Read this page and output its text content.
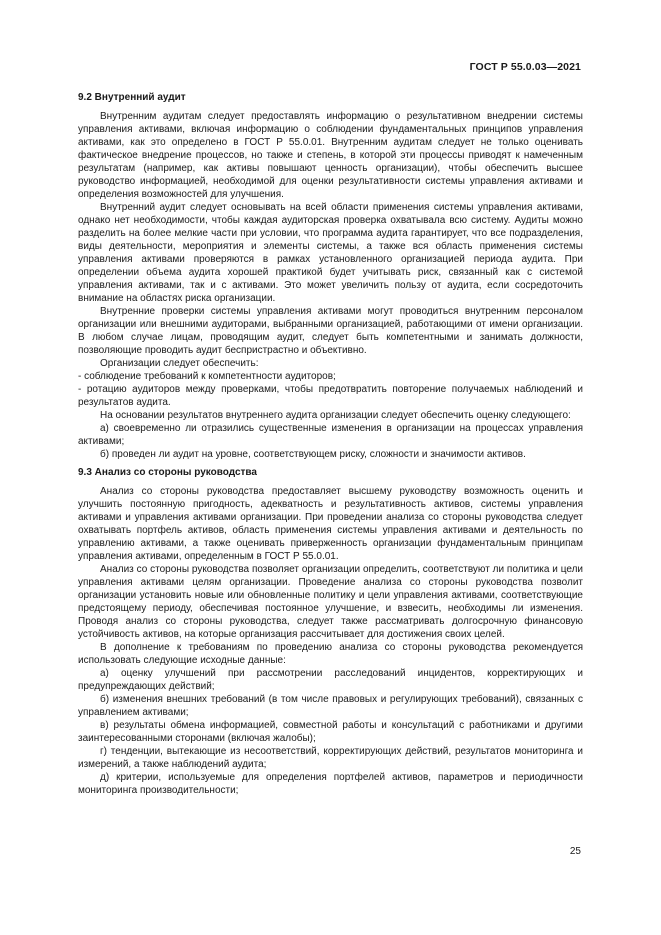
ГОСТ Р 55.0.03—2021

9.2 Внутренний аудит

Внутренним аудитам следует предоставлять информацию о результативном внедрении системы управления активами, включая информацию о соблюдении фундаментальных принципов управления активами, как это определено в ГОСТ Р 55.0.01. Внутренним аудитам следует не только оценивать фактическое внедрение процессов, но также и степень, в которой эти процессы приводят к намеченным результатам (например, как активы повышают ценность организации), чтобы обеспечить высшее руководство информацией, необходимой для оценки результативности системы управления активами и определения возможностей для улучшения.

Внутренний аудит следует основывать на всей области применения системы управления активами, однако нет необходимости, чтобы каждая аудиторская проверка охватывала всю систему. Аудиты можно разделить на более мелкие части при условии, что программа аудита гарантирует, что все подразделения, виды деятельности, мероприятия и элементы системы, а также вся область применения системы управления активами проверяются в рамках установленного организацией периода аудита. При определении объема аудита хорошей практикой будет учитывать риск, связанный как с системой управления активами, так и с активами. Это может увеличить пользу от аудита, если сосредоточить внимание на областях риска организации.

Внутренние проверки системы управления активами могут проводиться внутренним персоналом организации или внешними аудиторами, выбранными организацией, работающими от имени организации. В любом случае лицам, проводящим аудит, следует быть компетентными и занимать должности, позволяющие проводить аудит беспристрастно и объективно.

Организации следует обеспечить:

- соблюдение требований к компетентности аудиторов;

- ротацию аудиторов между проверками, чтобы предотвратить повторение получаемых наблюдений и результатов аудита.

На основании результатов внутреннего аудита организации следует обеспечить оценку следующего:

а) своевременно ли отразились существенные изменения в организации на процессах управления активами;

б) проведен ли аудит на уровне, соответствующем риску, сложности и значимости активов.

9.3 Анализ со стороны руководства

Анализ со стороны руководства предоставляет высшему руководству возможность оценить и улучшить постоянную пригодность, адекватность и результативность активов, системы управления активами и управления активами организации. При проведении анализа со стороны руководства следует охватывать портфель активов, область применения системы управления активами и деятельность по управлению активами, а также оценивать приверженность организации фундаментальным принципам управления активами, определенным в ГОСТ Р 55.0.01.

Анализ со стороны руководства позволяет организации определить, соответствуют ли политика и цели управления активами целям организации. Проведение анализа со стороны руководства позволит организации установить новые или обновленные политику и цели управления активами, соответствующие предстоящему периоду, обеспечивая постоянное улучшение, и взвесить, необходимы ли изменения. Проводя анализ со стороны руководства, следует также рассматривать долгосрочную финансовую устойчивость активов, на которые организация рассчитывает для достижения своих целей.

В дополнение к требованиям по проведению анализа со стороны руководства рекомендуется использовать следующие исходные данные:

а) оценку улучшений при рассмотрении расследований инцидентов, корректирующих и предупреждающих действий;

б) изменения внешних требований (в том числе правовых и регулирующих требований), связанных с управлением активами;

в) результаты обмена информацией, совместной работы и консультаций с работниками и другими заинтересованными сторонами (включая жалобы);

г) тенденции, вытекающие из несоответствий, корректирующих действий, результатов мониторинга и измерений, а также наблюдений аудита;

д) критерии, используемые для определения портфелей активов, параметров и периодичности мониторинга производительности;

25
